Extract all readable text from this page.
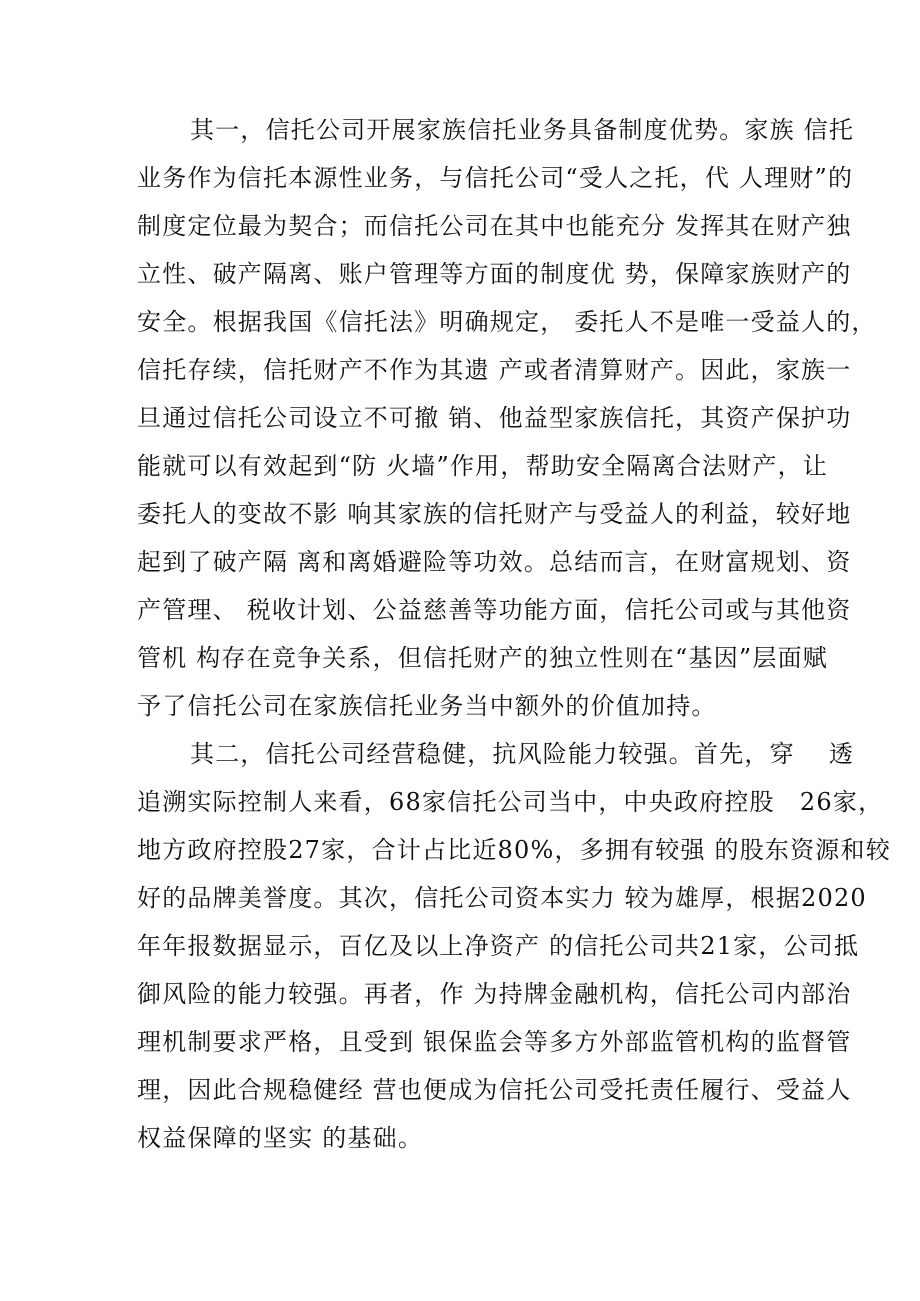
其一，信托公司开展家族信托业务具备制度优势。家族 信托
业务作为信托本源性业务，与信托公司“受人之托，代 人理财”的
制度定位最为契合；而信托公司在其中也能充分 发挥其在财产独
立性、破产隔离、账户管理等方面的制度优 势，保障家族财产的
安全。根据我国《信托法》明确规定， 委托人不是唯一受益人的，
信托存续，信托财产不作为其遗 产或者清算财产。因此，家族一
旦通过信托公司设立不可撤 销、他益型家族信托，其资产保护功
能就可以有效起到“防 火墙”作用，帮助安全隔离合法财产，让
委托人的变故不影 响其家族的信托财产与受益人的利益，较好地
起到了破产隔 离和离婚避险等功效。总结而言，在财富规划、资
产管理、 税收计划、公益慈善等功能方面，信托公司或与其他资
管机 构存在竞争关系，但信托财产的独立性则在“基因”层面赋
予了信托公司在家族信托业务当中额外的价值加持。
其二，信托公司经营稳健，抗风险能力较强。首先，穿　 透
追溯实际控制人来看，68家信托公司当中，中央政府控股　26家，
地方政府控股27家，合计占比近80%，多拥有较强 的股东资源和较
好的品牌美誉度。其次，信托公司资本实力 较为雄厚，根据2020
年年报数据显示，百亿及以上净资产 的信托公司共21家，公司抵
御风险的能力较强。再者，作 为持牌金融机构，信托公司内部治
理机制要求严格，且受到 银保监会等多方外部监管机构的监督管
理，因此合规稳健经 营也便成为信托公司受托责任履行、受益人
权益保障的坚实 的基础。
